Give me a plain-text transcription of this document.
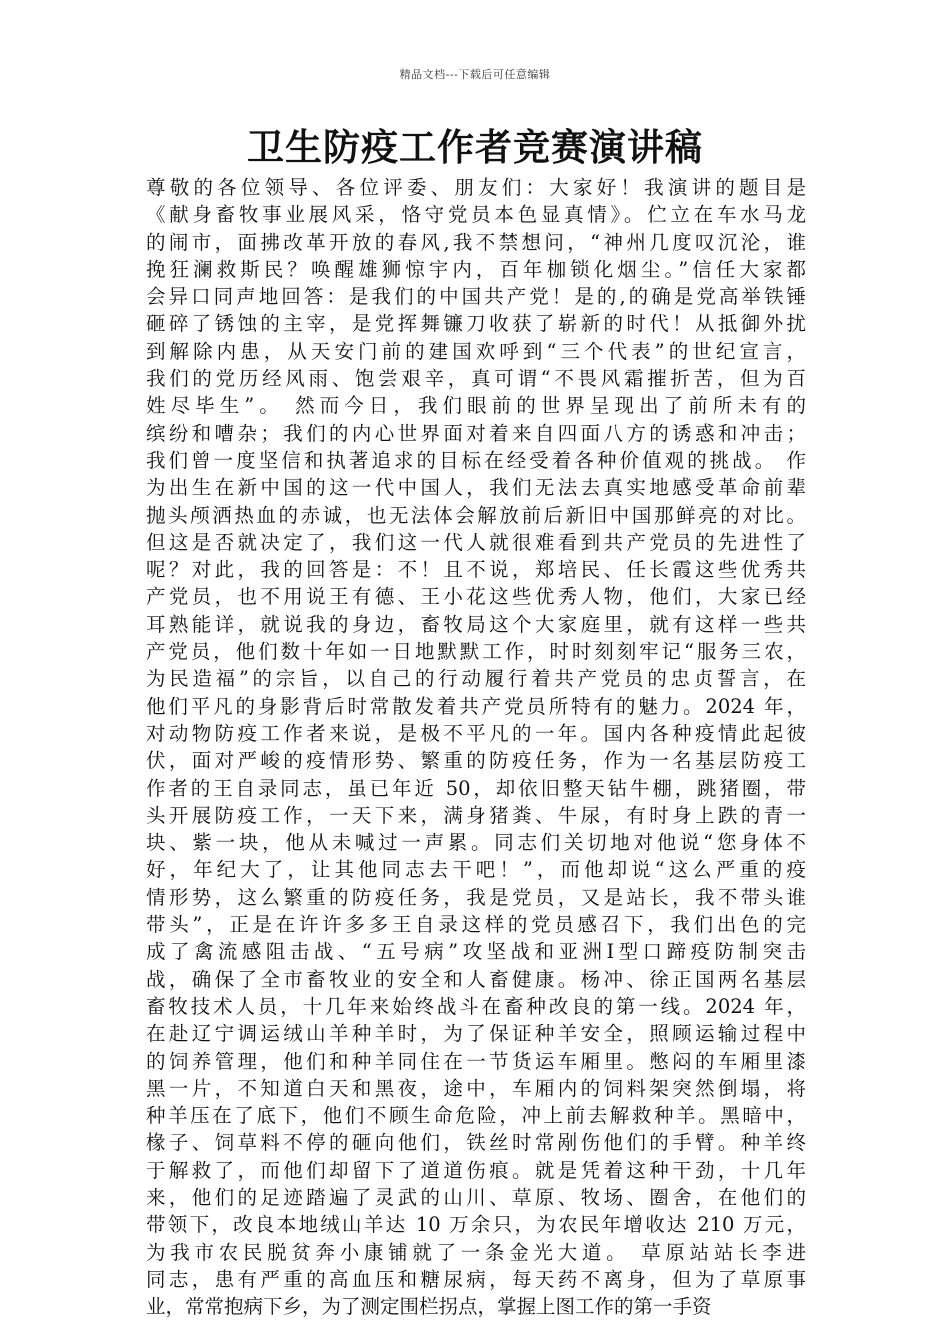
精品文档---下载后可任意编辑
卫生防疫工作者竞赛演讲稿
尊敬的各位领导、各位评委、朋友们：大家好！我演讲的题目是
《献身畜牧事业展风采，恪守党员本色显真情》。伫立在车水马龙
的闹市，面拂改革开放的春风,我不禁想问，“神州几度叹沉沦，谁
挽狂澜救斯民？唤醒雄狮惊宇内，百年枷锁化烟尘。”信任大家都
会异口同声地回答：是我们的中国共产党！是的,的确是党高举铁锤
砸碎了锈蚀的主宰，是党挥舞镰刀收获了崭新的时代！从抵御外扰
到解除内患，从天安门前的建国欢呼到“三个代表”的世纪宣言，
我们的党历经风雨、饱尝艰辛，真可谓“不畏风霜摧折苦，但为百
姓尽毕生”。 然而今日，我们眼前的世界呈现出了前所未有的
缤纷和嘈杂；我们的内心世界面对着来自四面八方的诱惑和冲击；
我们曾一度坚信和执著追求的目标在经受着各种价值观的挑战。 作
为出生在新中国的这一代中国人，我们无法去真实地感受革命前辈
抛头颅洒热血的赤诚，也无法体会解放前后新旧中国那鲜亮的对比。
但这是否就决定了，我们这一代人就很难看到共产党员的先进性了
呢？对此，我的回答是：不！且不说，郑培民、任长霞这些优秀共
产党员，也不用说王有德、王小花这些优秀人物，他们，大家已经
耳熟能详，就说我的身边，畜牧局这个大家庭里，就有这样一些共
产党员，他们数十年如一日地默默工作，时时刻刻牢记“服务三农，
为民造福”的宗旨，以自己的行动履行着共产党员的忠贞誓言，在
他们平凡的身影背后时常散发着共产党员所特有的魅力。2024 年，
对动物防疫工作者来说，是极不平凡的一年。国内各种疫情此起彼
伏，面对严峻的疫情形势、繁重的防疫任务，作为一名基层防疫工
作者的王自录同志，虽已年近 50，却依旧整天钻牛棚，跳猪圈，带
头开展防疫工作，一天下来，满身猪粪、牛尿，有时身上跌的青一
块、紫一块，他从未喊过一声累。同志们关切地对他说“您身体不
好，年纪大了，让其他同志去干吧！”，而他却说“这么严重的疫
情形势，这么繁重的防疫任务，我是党员，又是站长，我不带头谁
带头”，正是在许许多多王自录这样的党员感召下，我们出色的完
成了禽流感阻击战、“五号病”攻坚战和亚洲Ⅰ型口蹄疫防制突击
战，确保了全市畜牧业的安全和人畜健康。杨冲、徐正国两名基层
畜牧技术人员，十几年来始终战斗在畜种改良的第一线。2024 年，
在赴辽宁调运绒山羊种羊时，为了保证种羊安全，照顾运输过程中
的饲养管理，他们和种羊同住在一节货运车厢里。憋闷的车厢里漆
黑一片，不知道白天和黑夜，途中，车厢内的饲料架突然倒塌，将
种羊压在了底下，他们不顾生命危险，冲上前去解救种羊。黑暗中，
椽子、饲草料不停的砸向他们，铁丝时常剐伤他们的手臂。种羊终
于解救了，而他们却留下了道道伤痕。就是凭着这种干劲，十几年
来，他们的足迹踏遍了灵武的山川、草原、牧场、圈舍，在他们的
带领下，改良本地绒山羊达 10 万余只，为农民年增收达 210 万元，
为我市农民脱贫奔小康铺就了一条金光大道。 草原站站长李进
同志，患有严重的高血压和糖尿病，每天药不离身，但为了草原事
业，常常抱病下乡，为了测定围栏拐点，掌握上图工作的第一手资
